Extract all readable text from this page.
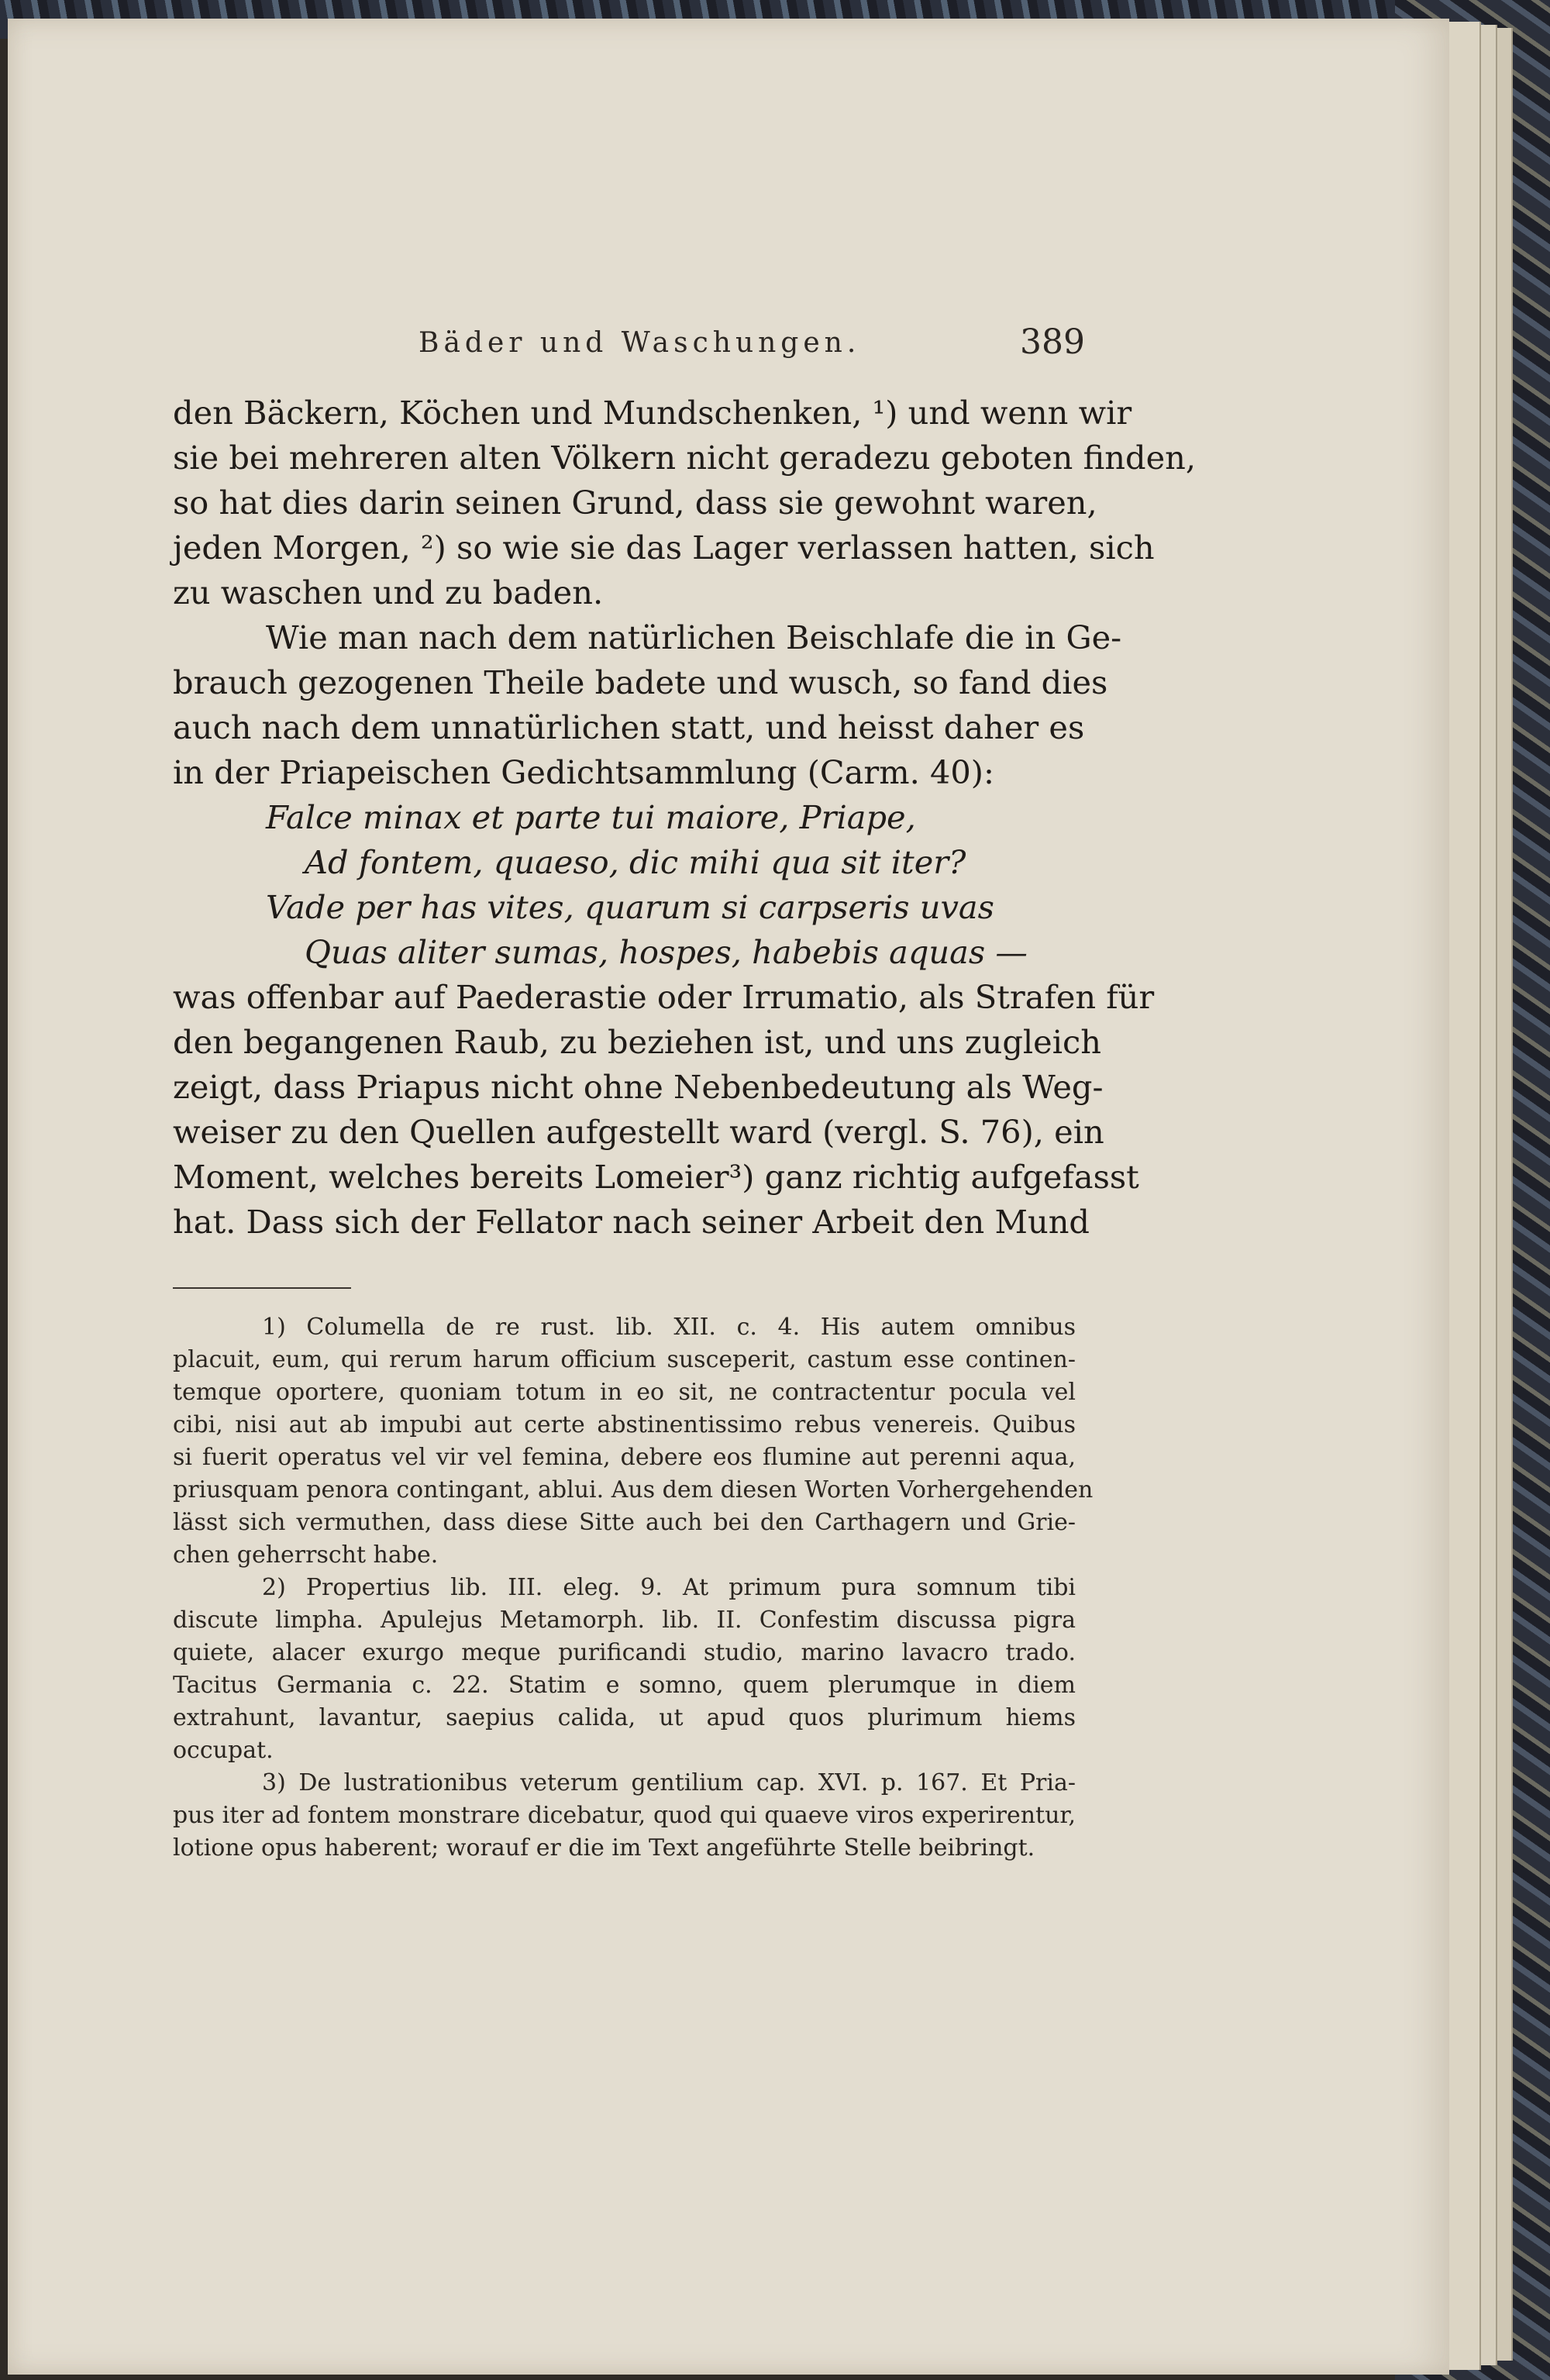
Bäder und Waschungen.	389
den Bäckern, Köchen und Mundschenken, ¹) und wenn wir
sie bei mehreren alten Völkern nicht geradezu geboten finden,
so hat dies darin seinen Grund, dass sie gewohnt waren,
jeden Morgen, ²) so wie sie das Lager verlassen hatten, sich
zu waschen und zu baden.
Wie man nach dem natürlichen Beischlafe die in Ge-
brauch gezogenen Theile badete und wusch, so fand dies
auch nach dem unnatürlichen statt, und heisst daher es
in der Priapeischen Gedichtsammlung (Carm. 40):
Falce minax et parte tui maiore, Priape,
Ad fontem, quaeso, dic mihi qua sit iter?
Vade per has vites, quarum si carpseris uvas
Quas aliter sumas, hospes, habebis aquas —
was offenbar auf Paederastie oder Irrumatio, als Strafen für
den begangenen Raub, zu beziehen ist, und uns zugleich
zeigt, dass Priapus nicht ohne Nebenbedeutung als Weg-
weiser zu den Quellen aufgestellt ward (vergl. S. 76), ein
Moment, welches bereits Lomeier³) ganz richtig aufgefasst
hat. Dass sich der Fellator nach seiner Arbeit den Mund
1) Columella de re rust. lib. XII. c. 4. His autem omnibus
placuit, eum, qui rerum harum officium susceperit, castum esse continen-
temque oportere, quoniam totum in eo sit, ne contractentur pocula vel
cibi, nisi aut ab impubi aut certe abstinentissimo rebus venereis. Quibus
si fuerit operatus vel vir vel femina, debere eos flumine aut perenni aqua,
priusquam penora contingant, ablui. Aus dem diesen Worten Vorhergehenden
lässt sich vermuthen, dass diese Sitte auch bei den Carthagern und Grie-
chen geherrscht habe.
2) Propertius lib. III. eleg. 9. At primum pura somnum tibi
discute limpha. Apulejus Metamorph. lib. II. Confestim discussa pigra
quiete, alacer exurgo meque purificandi studio, marino lavacro trado.
Tacitus Germania c. 22. Statim e somno, quem plerumque in diem
extrahunt, lavantur, saepius calida, ut apud quos plurimum hiems
occupat.
3) De lustrationibus veterum gentilium cap. XVI. p. 167. Et Pria-
pus iter ad fontem monstrare dicebatur, quod qui quaeve viros experirentur,
lotione opus haberent; worauf er die im Text angeführte Stelle beibringt.
